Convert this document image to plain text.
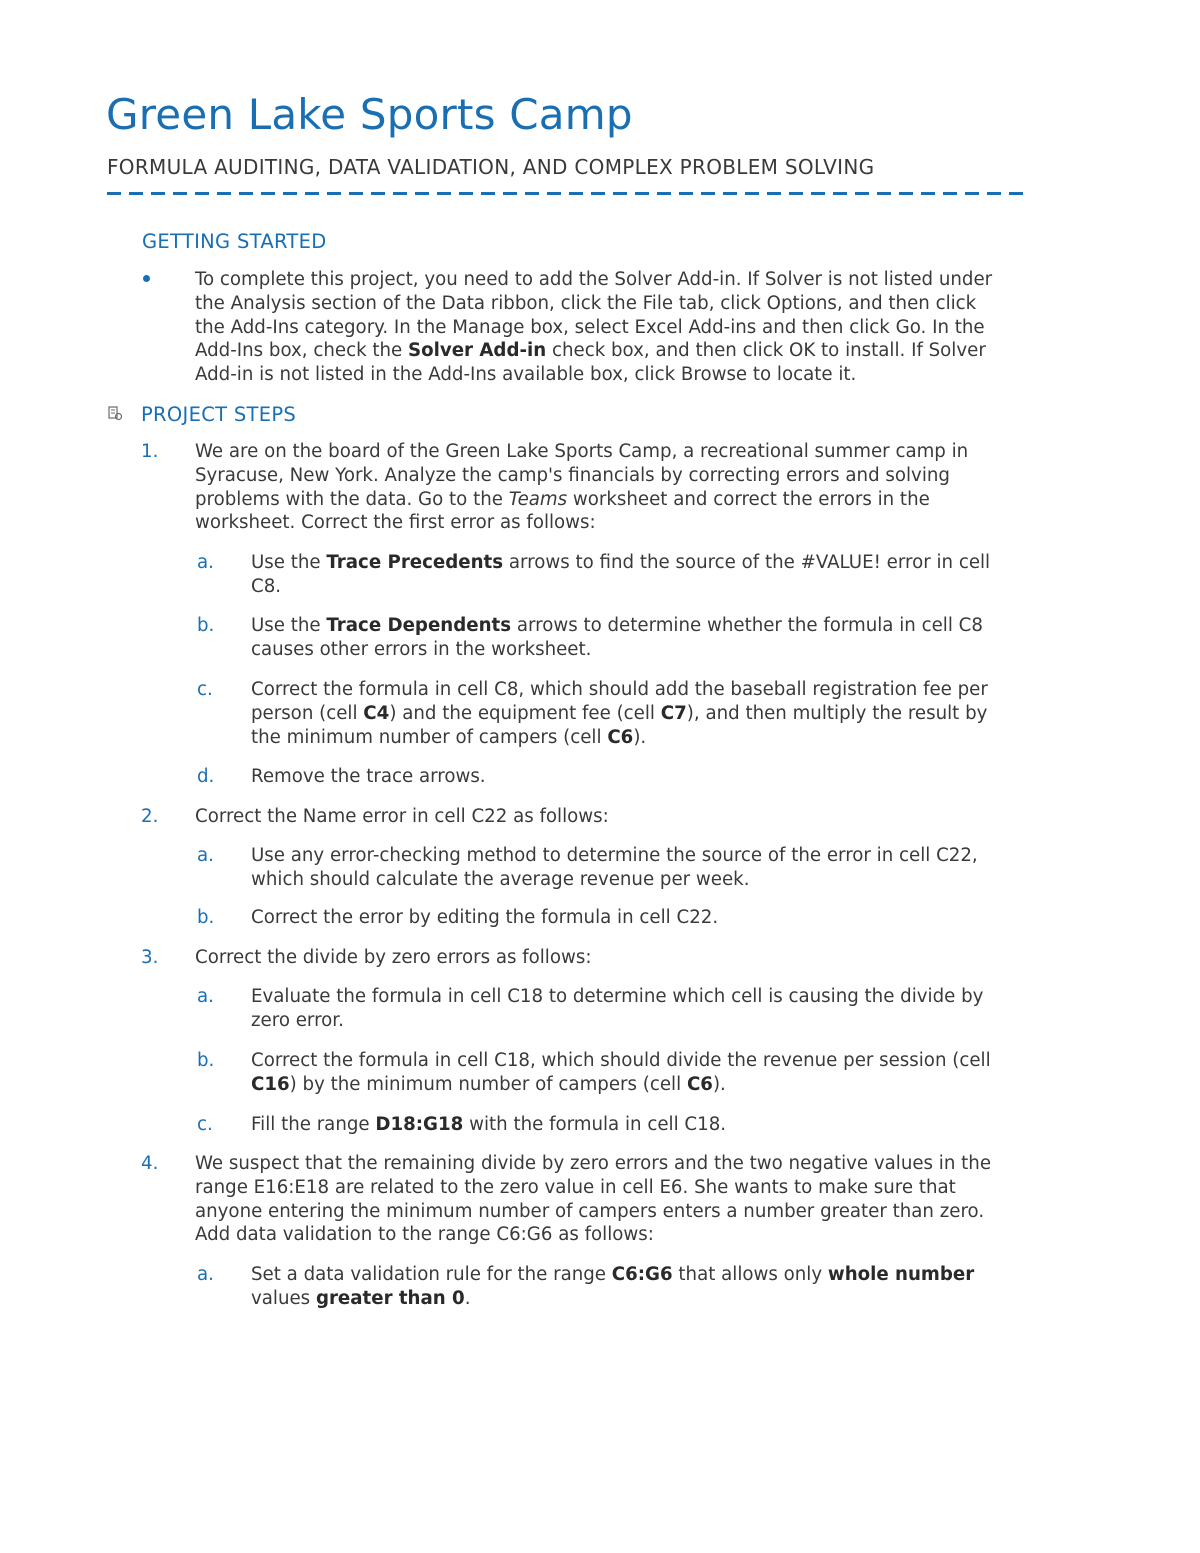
Green Lake Sports Camp
FORMULA AUDITING, DATA VALIDATION, AND COMPLEX PROBLEM SOLVING
GETTING STARTED
To complete this project, you need to add the Solver Add-in. If Solver is not listed under
the Analysis section of the Data ribbon, click the File tab, click Options, and then click
the Add-Ins category. In the Manage box, select Excel Add-ins and then click Go. In the
Add-Ins box, check the Solver Add-in check box, and then click OK to install. If Solver
Add-in is not listed in the Add-Ins available box, click Browse to locate it.
PROJECT STEPS
1. We are on the board of the Green Lake Sports Camp, a recreational summer camp in
Syracuse, New York. Analyze the camp's financials by correcting errors and solving
problems with the data. Go to the Teams worksheet and correct the errors in the
worksheet. Correct the first error as follows:
a. Use the Trace Precedents arrows to find the source of the #VALUE! error in cell
C8.
b. Use the Trace Dependents arrows to determine whether the formula in cell C8
causes other errors in the worksheet.
c. Correct the formula in cell C8, which should add the baseball registration fee per
person (cell C4) and the equipment fee (cell C7), and then multiply the result by
the minimum number of campers (cell C6).
d. Remove the trace arrows.
2. Correct the Name error in cell C22 as follows:
a. Use any error-checking method to determine the source of the error in cell C22,
which should calculate the average revenue per week.
b. Correct the error by editing the formula in cell C22.
3. Correct the divide by zero errors as follows:
a. Evaluate the formula in cell C18 to determine which cell is causing the divide by
zero error.
b. Correct the formula in cell C18, which should divide the revenue per session (cell
C16) by the minimum number of campers (cell C6).
c. Fill the range D18:G18 with the formula in cell C18.
4. We suspect that the remaining divide by zero errors and the two negative values in the
range E16:E18 are related to the zero value in cell E6. She wants to make sure that
anyone entering the minimum number of campers enters a number greater than zero.
Add data validation to the range C6:G6 as follows:
a. Set a data validation rule for the range C6:G6 that allows only whole number
values greater than 0.
